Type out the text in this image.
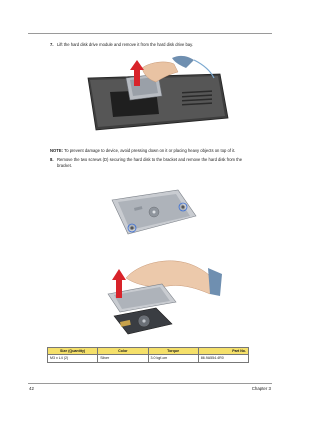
7. Lift the hard disk drive module and remove it from the hard disk drive bay.
NOTE: To prevent damage to device, avoid pressing down on it or placing heavy objects on top of it.
8. Remove the two screws (D) securing the hard disk to the bracket and remove the hard disk from the
bracket.
Size (Quantity)	Color	Torque	Part No.
M3 x L4 (2)	Silver	3.0 kgf-cm	86.9A554.4R0
42	Chapter 3
